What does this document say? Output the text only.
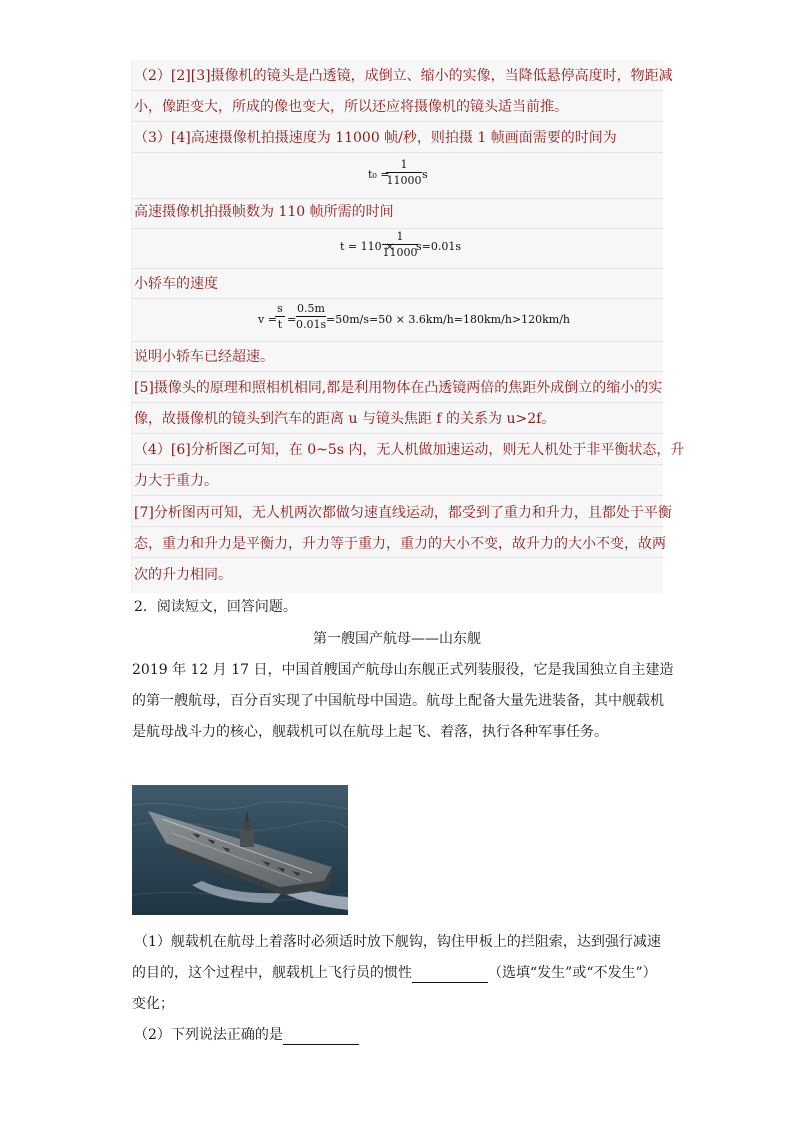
（2）[2][3]摄像机的镜头是凸透镜，成倒立、缩小的实像，当降低悬停高度时，物距减
小，像距变大，所成的像也变大，所以还应将摄像机的镜头适当前推。
（3）[4]高速摄像机拍摄速度为 11000 帧/秒，则拍摄 1 帧画面需要的时间为
t₀ =
1
11000 s
高速摄像机拍摄帧数为 110 帧所需的时间
t = 110 ×
1
11000
s=0.01s
小轿车的速度
v =
s
t =
0.5m
0.01s =50m/s=50 × 3.6km/h=180km/h>120km/h
说明小轿车已经超速。
[5]摄像头的原理和照相机相同,都是利用物体在凸透镜两倍的焦距外成倒立的缩小的实
像，故摄像机的镜头到汽车的距离 u 与镜头焦距 f 的关系为 u>2f。
（4）[6]分析图乙可知，在 0~5s 内，无人机做加速运动，则无人机处于非平衡状态，升
力大于重力。
[7]分析图丙可知，无人机两次都做匀速直线运动，都受到了重力和升力，且都处于平衡
态，重力和升力是平衡力，升力等于重力，重力的大小不变，故升力的大小不变，故两
次的升力相同。
2．阅读短文，回答问题。
第一艘国产航母——山东舰
2019 年 12 月 17 日，中国首艘国产航母山东舰正式列装服役，它是我国独立自主建造
的第一艘航母，百分百实现了中国航母中国造。航母上配备大量先进装备，其中舰载机
是航母战斗力的核心，舰载机可以在航母上起飞、着落，执行各种军事任务。
（1）舰载机在航母上着落时必须适时放下舰钩，钩住甲板上的拦阻索，达到强行减速
的目的，这个过程中，舰载机上飞行员的惯性	（选填“发生”或“不发生”）
变化；
（2）下列说法正确的是
